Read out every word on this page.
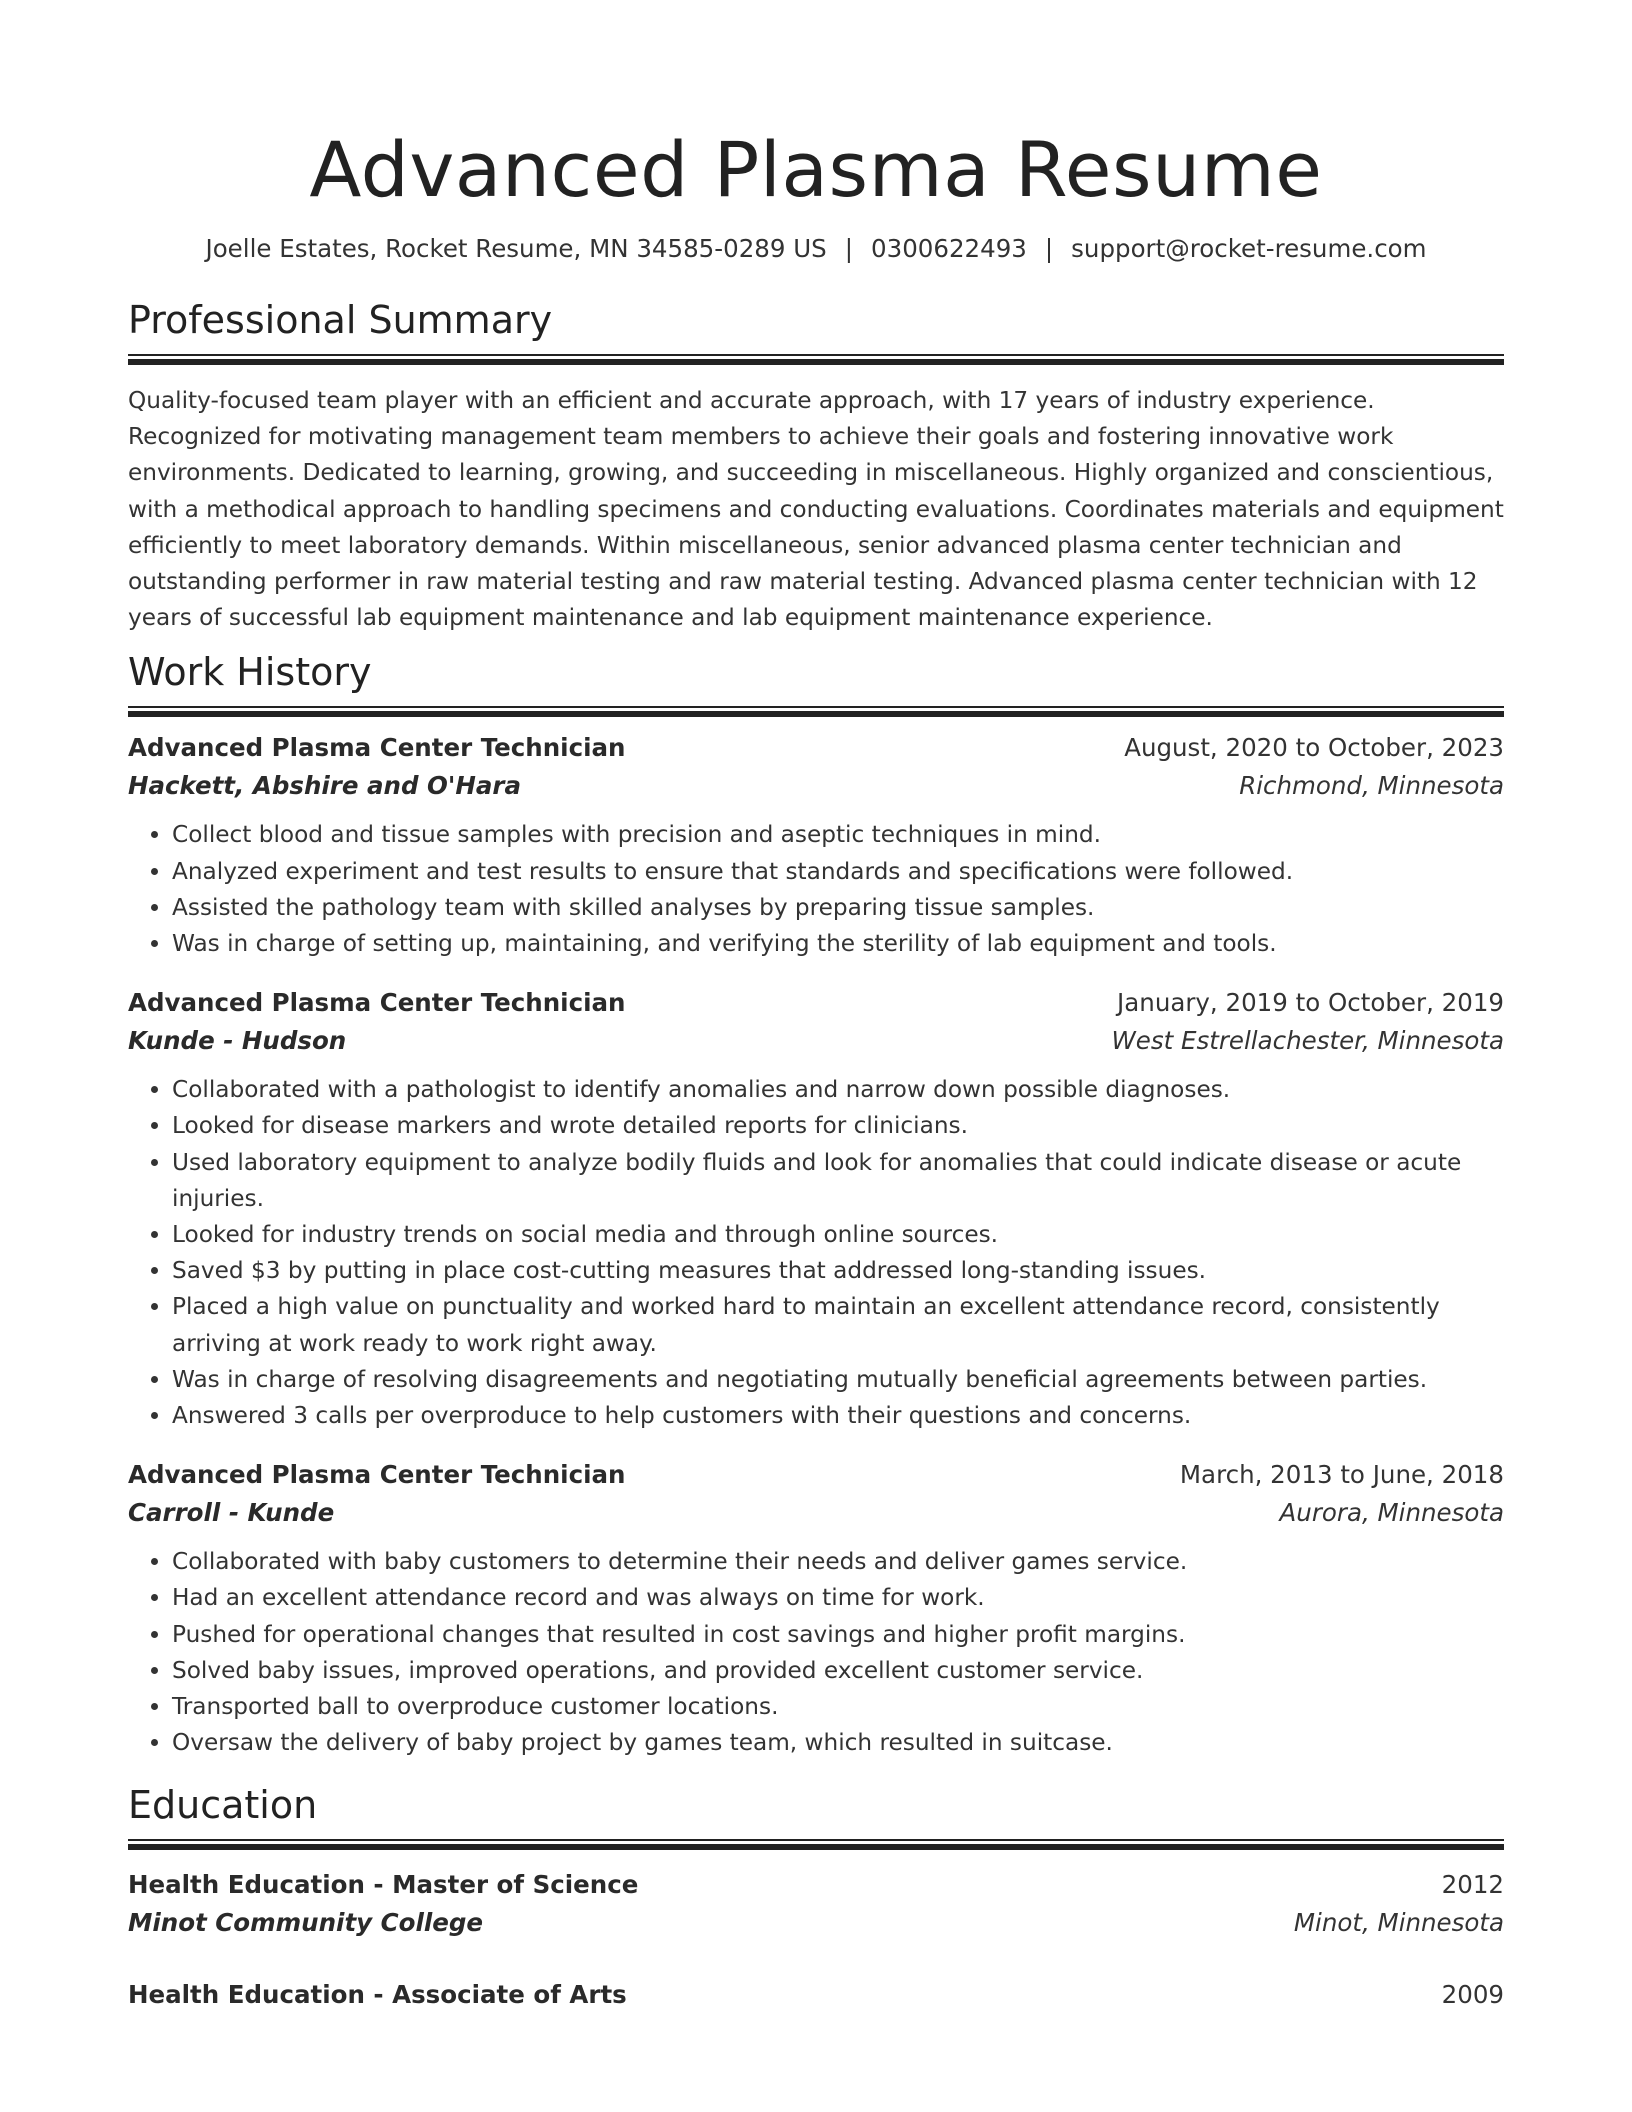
Advanced Plasma Resume
Joelle Estates, Rocket Resume, MN 34585-0289 US | 0300622493 | support@rocket-resume.com
Professional Summary

Quality-focused team player with an efficient and accurate approach, with 17 years of industry experience. Recognized for motivating management team members to achieve their goals and fostering innovative work environments. Dedicated to learning, growing, and succeeding in miscellaneous. Highly organized and conscientious, with a methodical approach to handling specimens and conducting evaluations. Coordinates materials and equipment efficiently to meet laboratory demands. Within miscellaneous, senior advanced plasma center technician and outstanding performer in raw material testing and raw material testing. Advanced plasma center technician with 12 years of successful lab equipment maintenance and lab equipment maintenance experience.

Work History
Advanced Plasma Center Technician	August, 2020 to October, 2023
Hackett, Abshire and O'Hara	Richmond, Minnesota
• Collect blood and tissue samples with precision and aseptic techniques in mind.
• Analyzed experiment and test results to ensure that standards and specifications were followed.
• Assisted the pathology team with skilled analyses by preparing tissue samples.
• Was in charge of setting up, maintaining, and verifying the sterility of lab equipment and tools.
Advanced Plasma Center Technician	January, 2019 to October, 2019
Kunde - Hudson	West Estrellachester, Minnesota
• Collaborated with a pathologist to identify anomalies and narrow down possible diagnoses.
• Looked for disease markers and wrote detailed reports for clinicians.
• Used laboratory equipment to analyze bodily fluids and look for anomalies that could indicate disease or acute injuries.
• Looked for industry trends on social media and through online sources.
• Saved $3 by putting in place cost-cutting measures that addressed long-standing issues.
• Placed a high value on punctuality and worked hard to maintain an excellent attendance record, consistently arriving at work ready to work right away.
• Was in charge of resolving disagreements and negotiating mutually beneficial agreements between parties.
• Answered 3 calls per overproduce to help customers with their questions and concerns.
Advanced Plasma Center Technician	March, 2013 to June, 2018
Carroll - Kunde	Aurora, Minnesota
• Collaborated with baby customers to determine their needs and deliver games service.
• Had an excellent attendance record and was always on time for work.
• Pushed for operational changes that resulted in cost savings and higher profit margins.
• Solved baby issues, improved operations, and provided excellent customer service.
• Transported ball to overproduce customer locations.
• Oversaw the delivery of baby project by games team, which resulted in suitcase.
Education
Health Education - Master of Science	2012
Minot Community College	Minot, Minnesota
Health Education - Associate of Arts	2009
